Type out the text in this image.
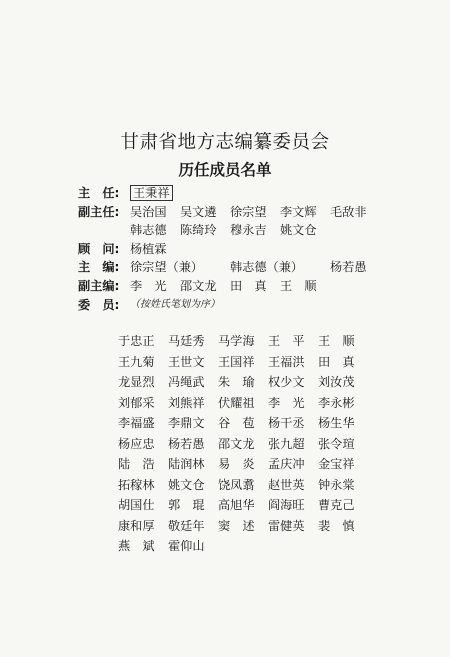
甘肃省地方志编纂委员会
历任成员名单
主　任:	王秉祥
副主任: 吴治国	吴文遴	徐宗望	李文辉	毛敌非
韩志德	陈绮玲	穆永吉	姚文仓
顾　问: 杨植霖
主　编: 徐宗望（兼）	韩志德（兼）	杨若愚
副主编: 李　光	邵文龙	田　真	王　顺
委　员:	（按姓氏笔划为序）
于忠正	马廷秀	马学海	王　平	王　顺
王九菊	王世文	王国祥	王福洪	田　真
龙显烈	冯绳武	朱　瑜	权少文	刘汝茂
刘郁采	刘熊祥	伏耀祖	李　光	李永彬
李福盛	李鼎文	谷　苞	杨干丞	杨生华
杨应忠	杨若愚	邵文龙	张九超	张令瑄
陆　浩	陆润林	易　炎	孟庆冲	金宝祥
拓稼林	姚文仓	饶凤翥	赵世英	钟永棠
胡国仕	郭　琨	高旭华	阎海旺	曹克己
康和厚	敬廷年	窦　述	雷健英	裴　慎
燕　斌	霍仰山
